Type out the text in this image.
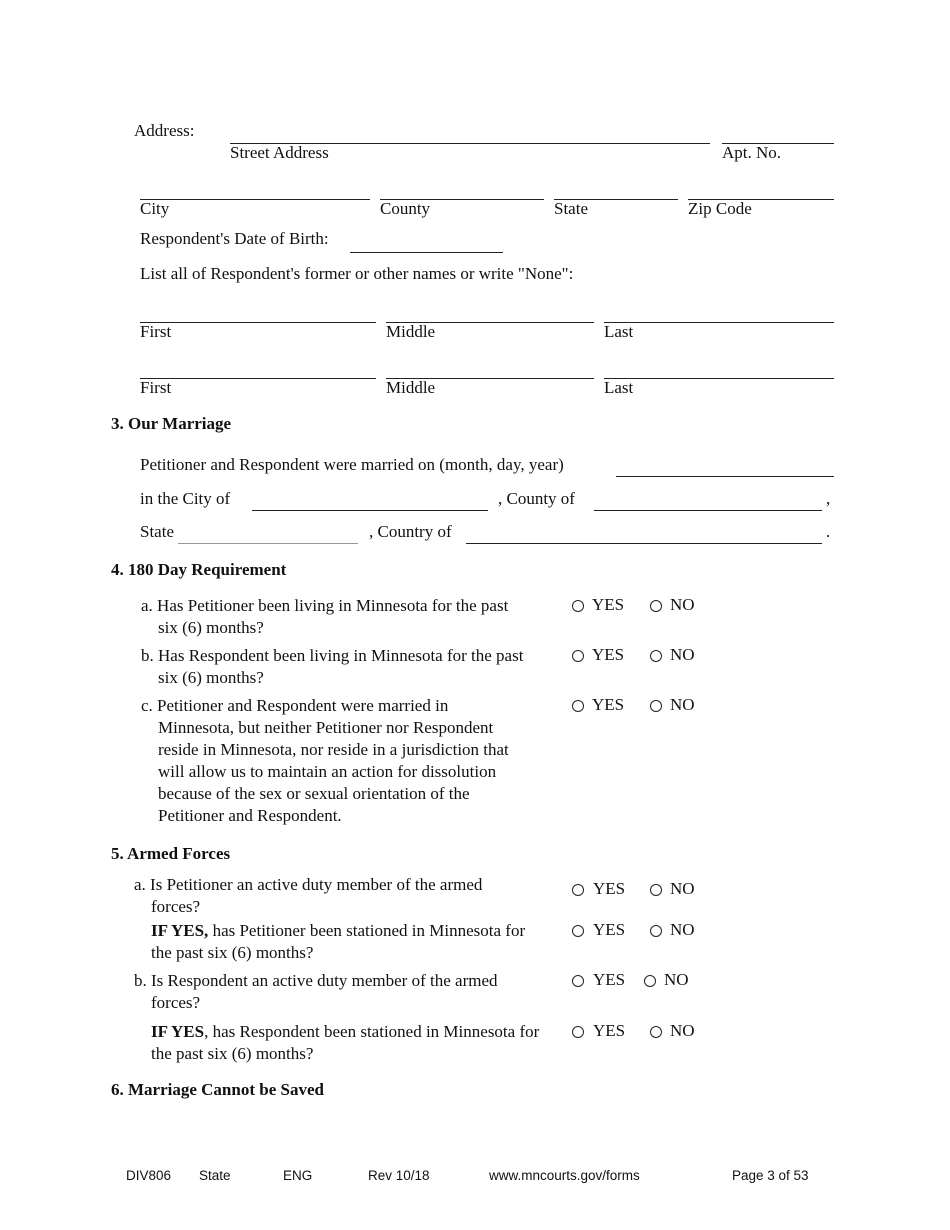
Address:
Street Address	Apt. No.
City	County	State	Zip Code
Respondent's Date of Birth:
List all of Respondent's former or other names or write "None":
First	Middle	Last
First	Middle	Last
3. Our Marriage
Petitioner and Respondent were married on (month, day, year)
in the City of	, County of	,
State	, Country of	.
4. 180 Day Requirement
a. Has Petitioner been living in Minnesota for the past
six (6) months?
YES	NO
b. Has Respondent been living in Minnesota for the past
six (6) months?
YES	NO
c. Petitioner and Respondent were married in
Minnesota, but neither Petitioner nor Respondent
reside in Minnesota, nor reside in a jurisdiction that
will allow us to maintain an action for dissolution
because of the sex or sexual orientation of the
Petitioner and Respondent.
YES	NO
5. Armed Forces
a. Is Petitioner an active duty member of the armed
forces?
YES	NO
IF YES, has Petitioner been stationed in Minnesota for
the past six (6) months?
YES	NO
b. Is Respondent an active duty member of the armed
forces?
YES NO
IF YES, has Respondent been stationed in Minnesota for
the past six (6) months?
YES	NO
6. Marriage Cannot be Saved
DIV806 State	ENG	Rev 10/18	www.mncourts.gov/forms	Page 3 of 53
